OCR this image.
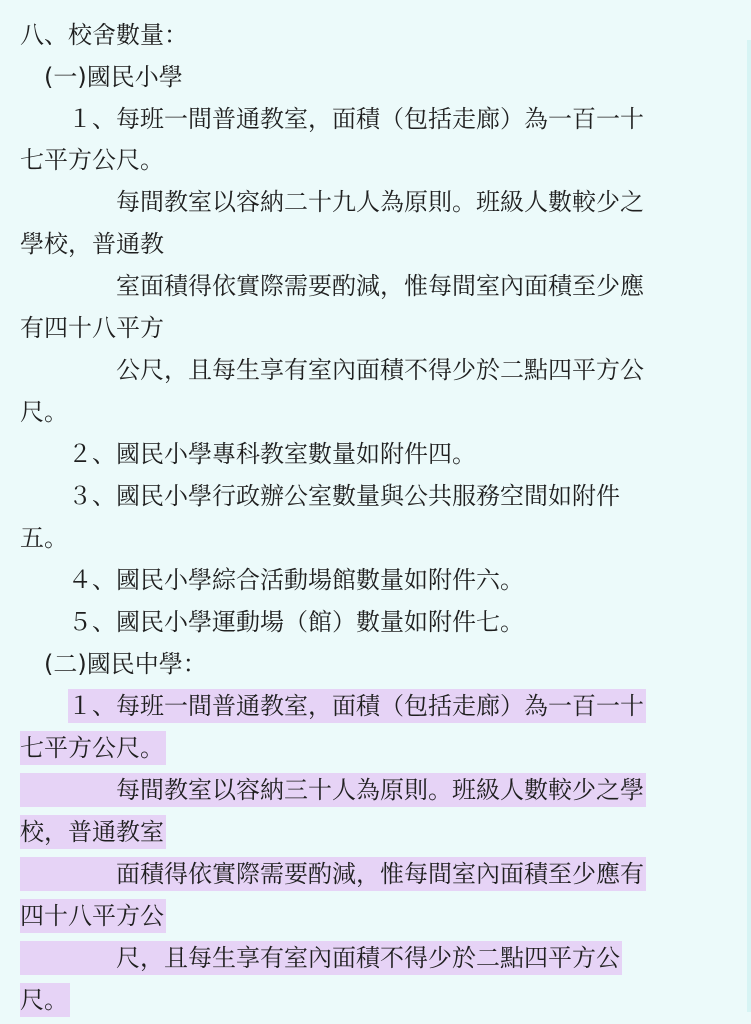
八、校舍數量：
　(一)國民小學
　　１、每班一間普通教室，面積（包括走廊）為一百一十
七平方公尺。
　　　　每間教室以容納二十九人為原則。班級人數較少之
學校，普通教
　　　　室面積得依實際需要酌減，惟每間室內面積至少應
有四十八平方
　　　　公尺，且每生享有室內面積不得少於二點四平方公
尺。
　　２、國民小學專科教室數量如附件四。
　　３、國民小學行政辦公室數量與公共服務空間如附件
五。
　　４、國民小學綜合活動場館數量如附件六。
　　５、國民小學運動場（館）數量如附件七。
　(二)國民中學：
　　１、每班一間普通教室，面積（包括走廊）為一百一十
七平方公尺。
　　　　每間教室以容納三十人為原則。班級人數較少之學
校，普通教室
　　　　面積得依實際需要酌減，惟每間室內面積至少應有
四十八平方公
　　　　尺，且每生享有室內面積不得少於二點四平方公
尺。
